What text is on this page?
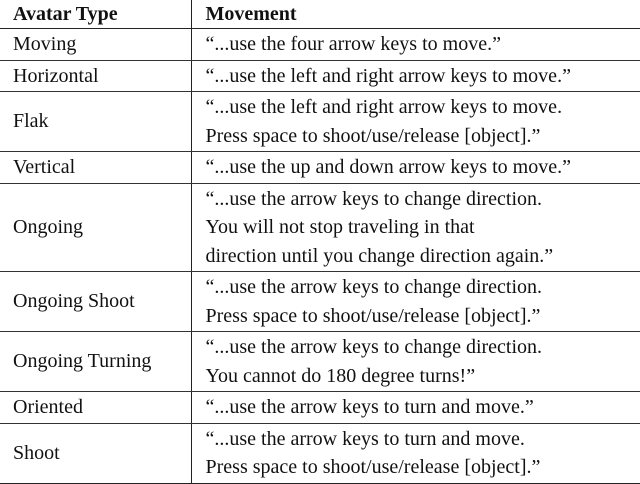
Avatar Type	Movement
Moving	“...use the four arrow keys to move.”

Horizontal	“...use the left and right arrow keys to move.”

Flak	“...use the left and right arrow keys to move.
Press space to shoot/use/release [object].”

Vertical	“...use the up and down arrow keys to move.”

Ongoing	“...use the arrow keys to change direction.
You will not stop traveling in that
direction until you change direction again.”

Ongoing Shoot	“...use the arrow keys to change direction.
Press space to shoot/use/release [object].”

Ongoing Turning	“...use the arrow keys to change direction.
You cannot do 180 degree turns!”

Oriented	“...use the arrow keys to turn and move.”

Shoot	“...use the arrow keys to turn and move.
Press space to shoot/use/release [object].”
